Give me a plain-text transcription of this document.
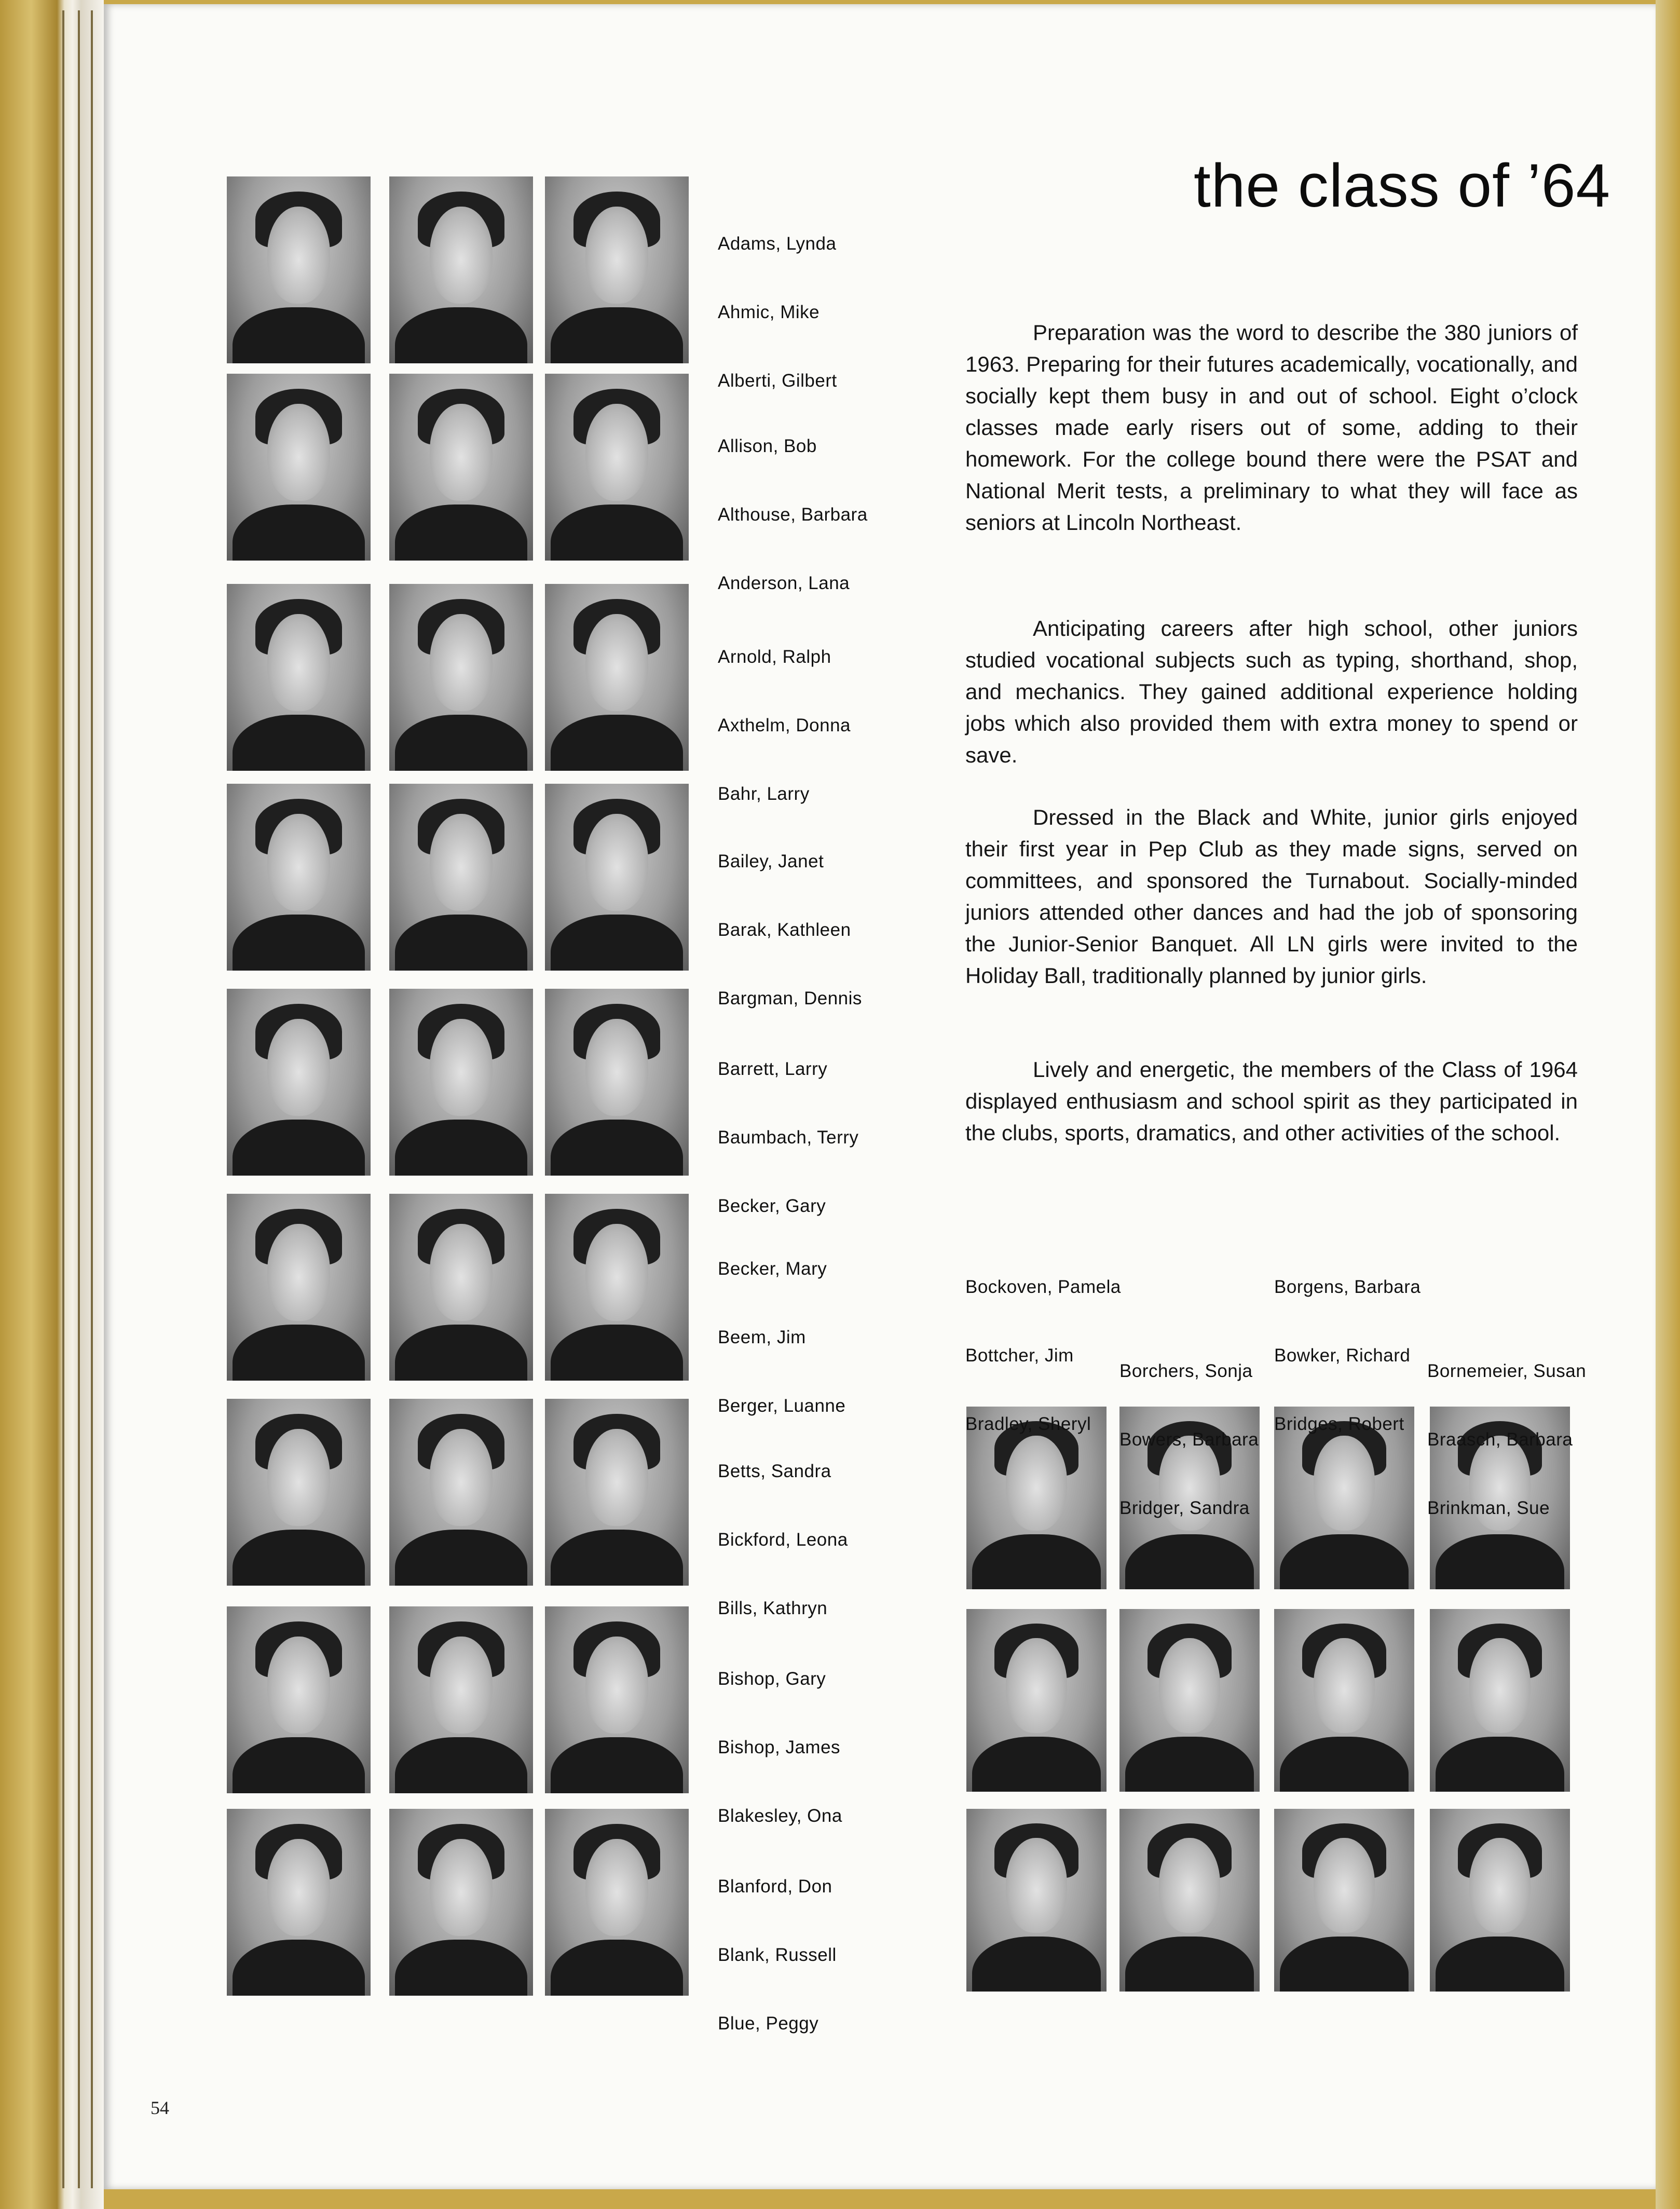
Adams, Lynda

Ahmic, Mike

Alberti, Gilbert

Allison, Bob

Althouse, Barbara

Anderson, Lana

Arnold, Ralph

Axthelm, Donna

Bahr, Larry

Bailey, Janet

Barak, Kathleen

Bargman, Dennis

Barrett, Larry

Baumbach, Terry

Becker, Gary

Becker, Mary

Beem, Jim

Berger, Luanne

Betts, Sandra

Bickford, Leona

Bills, Kathryn

Bishop, Gary

Bishop, James

Blakesley, Ona

Blanford, Don

Blank, Russell

Blue, Peggy

the class of ’64

Preparation was the word to describe the 380 juniors of 1963. Preparing for their futures academically, vocationally, and socially kept them busy in and out of school. Eight o’clock classes made early risers out of some, adding to their homework. For the college bound there were the PSAT and National Merit tests, a preliminary to what they will face as seniors at Lincoln Northeast.

Anticipating careers after high school, other juniors studied vocational subjects such as typing, shorthand, shop, and mechanics. They gained additional experience holding jobs which also provided them with extra money to spend or save.

Dressed in the Black and White, junior girls enjoyed their first year in Pep Club as they made signs, served on committees, and sponsored the Turnabout. Socially-minded juniors attended other dances and had the job of sponsoring the Junior-Senior Banquet. All LN girls were invited to the Holiday Ball, traditionally planned by junior girls.

Lively and energetic, the members of the Class of 1964 displayed enthusiasm and school spirit as they participated in the clubs, sports, dramatics, and other activities of the school.

Bockoven, Pamela

Bottcher, Jim

Bradley, Sheryl

Borchers, Sonja

Bowers, Barbara

Bridger, Sandra

Borgens, Barbara

Bowker, Richard

Bridges, Robert

Bornemeier, Susan

Braasch, Barbara

Brinkman, Sue

54
